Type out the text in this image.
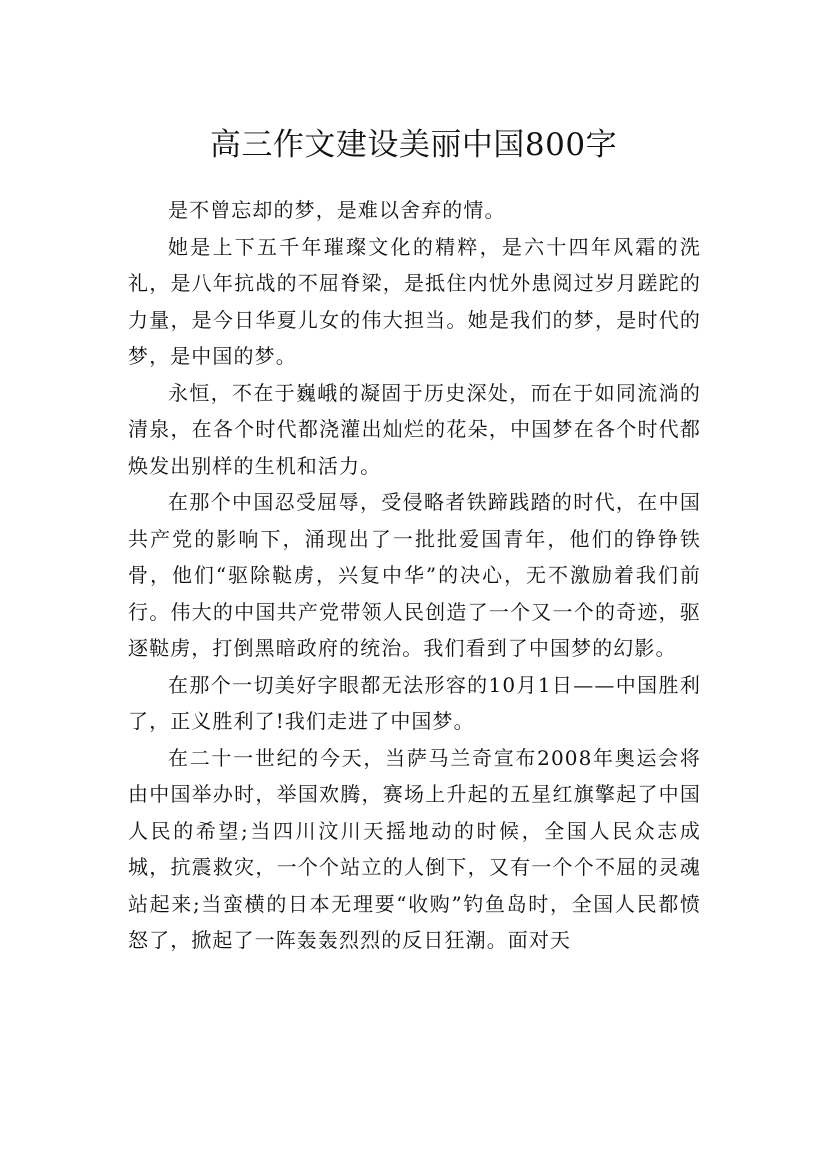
高三作文建设美丽中国800字

是不曾忘却的梦，是难以舍弃的情。

她是上下五千年璀璨文化的精粹，是六十四年风霜的洗礼，是八年抗战的不屈脊梁，是抵住内忧外患阅过岁月蹉跎的力量，是今日华夏儿女的伟大担当。她是我们的梦，是时代的梦，是中国的梦。

永恒，不在于巍峨的凝固于历史深处，而在于如同流淌的清泉，在各个时代都浇灌出灿烂的花朵，中国梦在各个时代都焕发出别样的生机和活力。

在那个中国忍受屈辱，受侵略者铁蹄践踏的时代，在中国共产党的影响下，涌现出了一批批爱国青年，他们的铮铮铁骨，他们“驱除鞑虏，兴复中华”的决心，无不激励着我们前行。伟大的中国共产党带领人民创造了一个又一个的奇迹，驱逐鞑虏，打倒黑暗政府的统治。我们看到了中国梦的幻影。

在那个一切美好字眼都无法形容的10月1日——中国胜利了，正义胜利了!我们走进了中国梦。

在二十一世纪的今天，当萨马兰奇宣布2008年奥运会将由中国举办时，举国欢腾，赛场上升起的五星红旗擎起了中国人民的希望;当四川汶川天摇地动的时候，全国人民众志成城，抗震救灾，一个个站立的人倒下，又有一个个不屈的灵魂站起来;当蛮横的日本无理要“收购”钓鱼岛时，全国人民都愤怒了，掀起了一阵轰轰烈烈的反日狂潮。面对天
